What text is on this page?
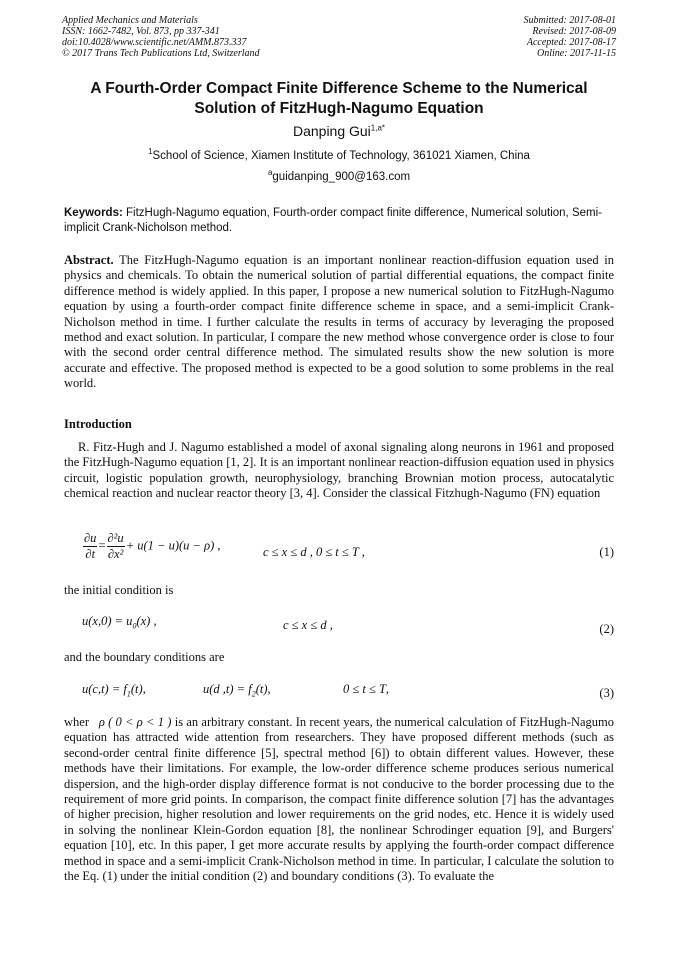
Applied Mechanics and Materials
ISSN: 1662-7482, Vol. 873, pp 337-341
doi:10.4028/www.scientific.net/AMM.873.337
© 2017 Trans Tech Publications Ltd, Switzerland
Submitted: 2017-08-01
Revised: 2017-08-09
Accepted: 2017-08-17
Online: 2017-11-15
A Fourth-Order Compact Finite Difference Scheme to the Numerical
Solution of FitzHugh-Nagumo Equation
Danping Gui$^{1,a*}$
$^1$School of Science, Xiamen Institute of Technology, 361021 Xiamen, China
$^a$guidanping_900@163.com
Keywords: FitzHugh-Nagumo equation, Fourth-order compact finite difference, Numerical solution, Semi-implicit Crank-Nicholson method.
Abstract. The FitzHugh-Nagumo equation is an important nonlinear reaction-diffusion equation used in physics and chemicals. To obtain the numerical solution of partial differential equations, the compact finite difference method is widely applied. In this paper, I propose a new numerical solution to FitzHugh-Nagumo equation by using a fourth-order compact finite difference scheme in space, and a semi-implicit Crank-Nicholson method in time. I further calculate the results in terms of accuracy by leveraging the proposed method and exact solution. In particular, I compare the new method whose convergence order is close to four with the second order central difference method. The simulated results show the new solution is more accurate and effective. The proposed method is expected to be a good solution to some problems in the real world.
Introduction
R. Fitz-Hugh and J. Nagumo established a model of axonal signaling along neurons in 1961 and proposed the FitzHugh-Nagumo equation [1, 2]. It is an important nonlinear reaction-diffusion equation used in physics circuit, logistic population growth, neurophysiology, branching Brownian motion process, autocatalytic chemical reaction and nuclear reactor theory [3, 4]. Consider the classical Fitzhugh-Nagumo (FN) equation
$\frac{\partial u}{\partial t} = \frac{\text{∂²u}}{\text{∂x²}} + u(1 - u)(u - \rho)$ ,	c ≤ x ≤ d , 0 ≤ t ≤ T ,	(1)
the initial condition is
$u(x,0) = u_0(x)$ ,	c ≤ x ≤ d ,	(2)
and the boundary conditions are
$u(c,t) = f_1(t)$,	u(d $,t) = f_2(t)$,	0 ≤ t ≤ T,	(3)
wher ρ ( 0 < ρ < 1 ) is an arbitrary constant. In recent years, the numerical calculation of FitzHugh-Nagumo equation has attracted wide attention from researchers. They have proposed different methods (such as second-order central finite difference [5], spectral method [6]) to obtain different values. However, these methods have their limitations. For example, the low-order difference scheme produces serious numerical dispersion, and the high-order display difference format is not conducive to the border processing due to the requirement of more grid points. In comparison, the compact finite difference solution [7] has the advantages of higher precision, higher resolution and lower requirements on the grid nodes, etc. Hence it is widely used in solving the nonlinear Klein-Gordon equation [8], the nonlinear Schrodinger equation [9], and Burgers' equation [10], etc. In this paper, I get more accurate results by applying the fourth-order compact difference method in space and a semi-implicit Crank-Nicholson method in time. In particular, I calculate the solution to the Eq. (1) under the initial condition (2) and boundary conditions (3). To evaluate the
